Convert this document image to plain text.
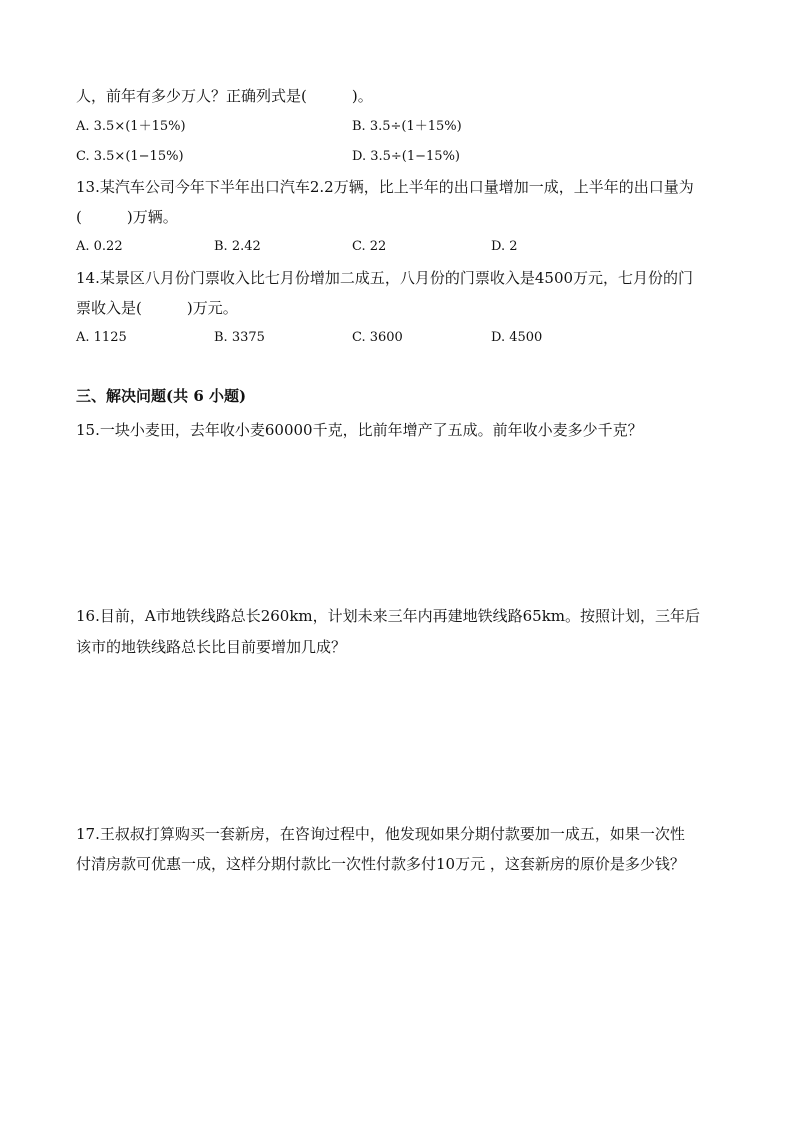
人，前年有多少万人？正确列式是(　　　)。
A. 3.5×(1＋15%)	B. 3.5÷(1＋15%)
C. 3.5×(1−15%)	D. 3.5÷(1−15%)
13.某汽车公司今年下半年出口汽车2.2万辆，比上半年的出口量增加一成，上半年的出口量为
(　　　)万辆。
A. 0.22	B. 2.42	C. 22	D. 2
14.某景区八月份门票收入比七月份增加二成五，八月份的门票收入是4500万元，七月份的门
票收入是(　　　)万元。
A. 1125	B. 3375	C. 3600	D. 4500
三、解决问题(共 6 小题)
15.一块小麦田，去年收小麦60000千克，比前年增产了五成。前年收小麦多少千克？
16.目前，A市地铁线路总长260km，计划未来三年内再建地铁线路65km。按照计划，三年后
该市的地铁线路总长比目前要增加几成？
17.王叔叔打算购买一套新房，在咨询过程中，他发现如果分期付款要加一成五，如果一次性
付清房款可优惠一成，这样分期付款比一次性付款多付10万元 ，这套新房的原价是多少钱？
